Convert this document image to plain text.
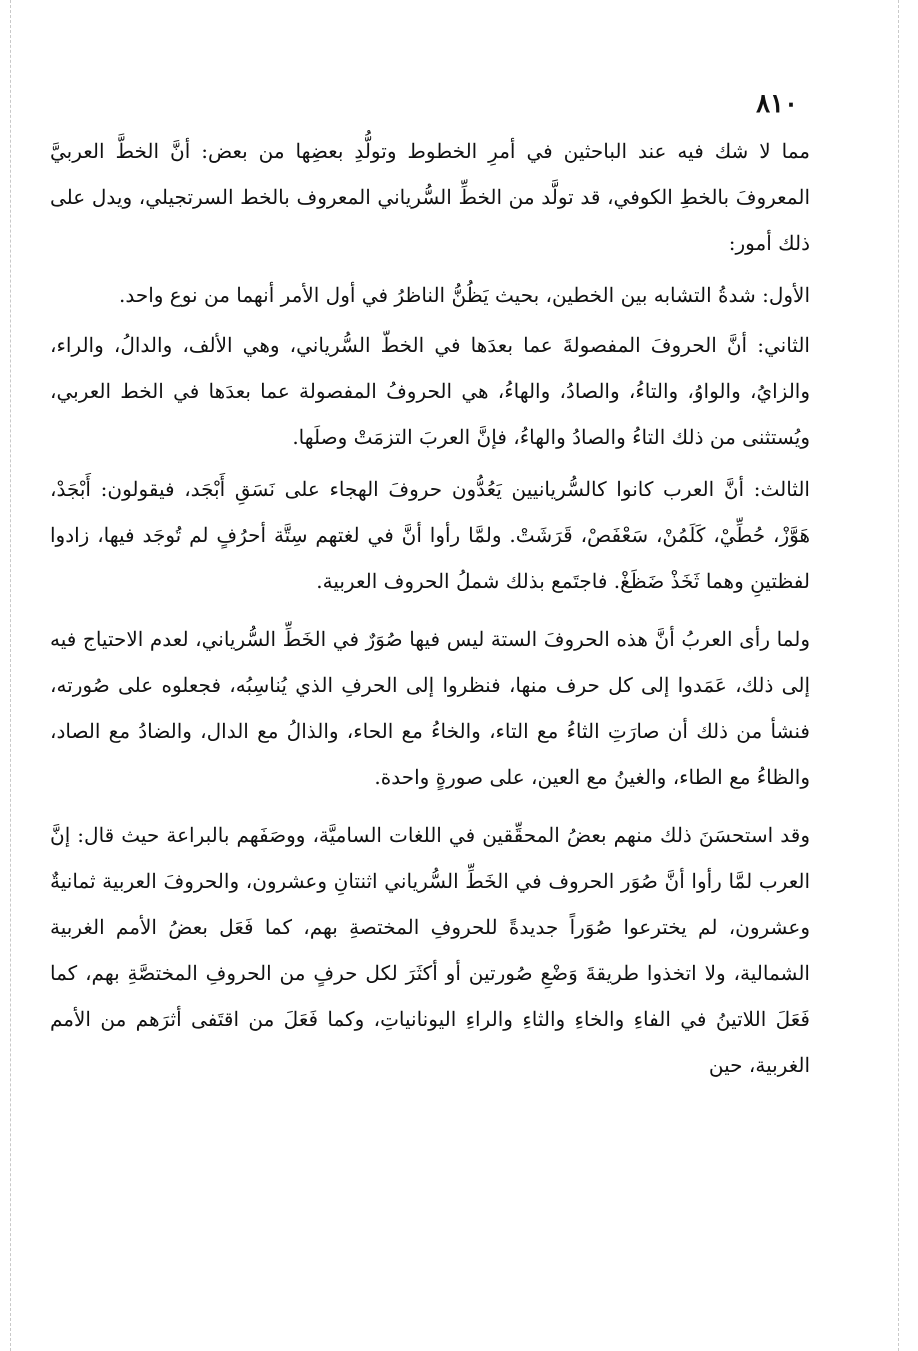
٨١٠

مما لا شك فيه عند الباحثين في أمرِ الخطوط وتولُّدِ بعضِها من بعض: أنَّ الخطَّ العربيَّ المعروفَ بالخطِ الكوفي، قد تولَّد من الخطِّ السُّرياني المعروف بالخط السرتجيلي، ويدل على ذلك أمور:

الأول: شدةُ التشابه بين الخطين، بحيث يَظُنُّ الناظرُ في أول الأمر أنهما من نوع واحد.

الثاني: أنَّ الحروفَ المفصولةَ عما بعدَها في الخطّ السُّرياني، وهي الألف، والدالُ، والراء، والزايُ، والواوُ، والتاءُ، والصادُ، والهاءُ، هي الحروفُ المفصولة عما بعدَها في الخط العربي، ويُستثنى من ذلك التاءُ والصادُ والهاءُ، فإنَّ العربَ التزمَتْ وصلَها.

الثالث: أنَّ العرب كانوا كالسُّريانيين يَعُدُّون حروفَ الهجاء على نَسَقِ أَبْجَد، فيقولون: أَبْجَدْ، هَوَّزْ، حُطِّيْ، كَلَمُنْ، سَعْفَصْ، قَرَشَتْ. ولمَّا رأوا أنَّ في لغتهم سِتَّة أحرُفٍ لم تُوجَد فيها، زادوا لفظتينِ وهما ثَخَذْ ضَظَغْ. فاجتَمع بذلك شملُ الحروف العربية.

ولما رأى العربُ أنَّ هذه الحروفَ الستة ليس فيها صُوَرٌ في الخَطِّ السُّرياني، لعدم الاحتياج فيه إلى ذلك، عَمَدوا إلى كل حرف منها، فنظروا إلى الحرفِ الذي يُناسِبُه، فجعلوه على صُورته، فنشأ من ذلك أن صارَتِ الثاءُ مع التاء، والخاءُ مع الحاء، والذالُ مع الدال، والضادُ مع الصاد، والظاءُ مع الطاء، والغينُ مع العين، على صورةٍ واحدة.

وقد استحسَنَ ذلك منهم بعضُ المحقِّقين في اللغات الساميَّة، ووصَفَهم بالبراعة حيث قال: إنَّ العرب لمَّا رأوا أنَّ صُوَر الحروف في الخَطِّ السُّرياني اثنتانِ وعشرون، والحروفَ العربية ثمانيةٌ وعشرون، لم يخترعوا صُوَراً جديدةً للحروفِ المختصةِ بهم، كما فَعَل بعضُ الأمم الغربية الشمالية، ولا اتخذوا طريقةَ وَضْعِ صُورتين أو أكثَرَ لكل حرفٍ من الحروفِ المختصَّةِ بهم، كما فَعَلَ اللاتينُ في الفاءِ والخاءِ والثاءِ والراءِ اليونانياتِ، وكما فَعَلَ من اقتَفى أثرَهم من الأمم الغربية، حين
